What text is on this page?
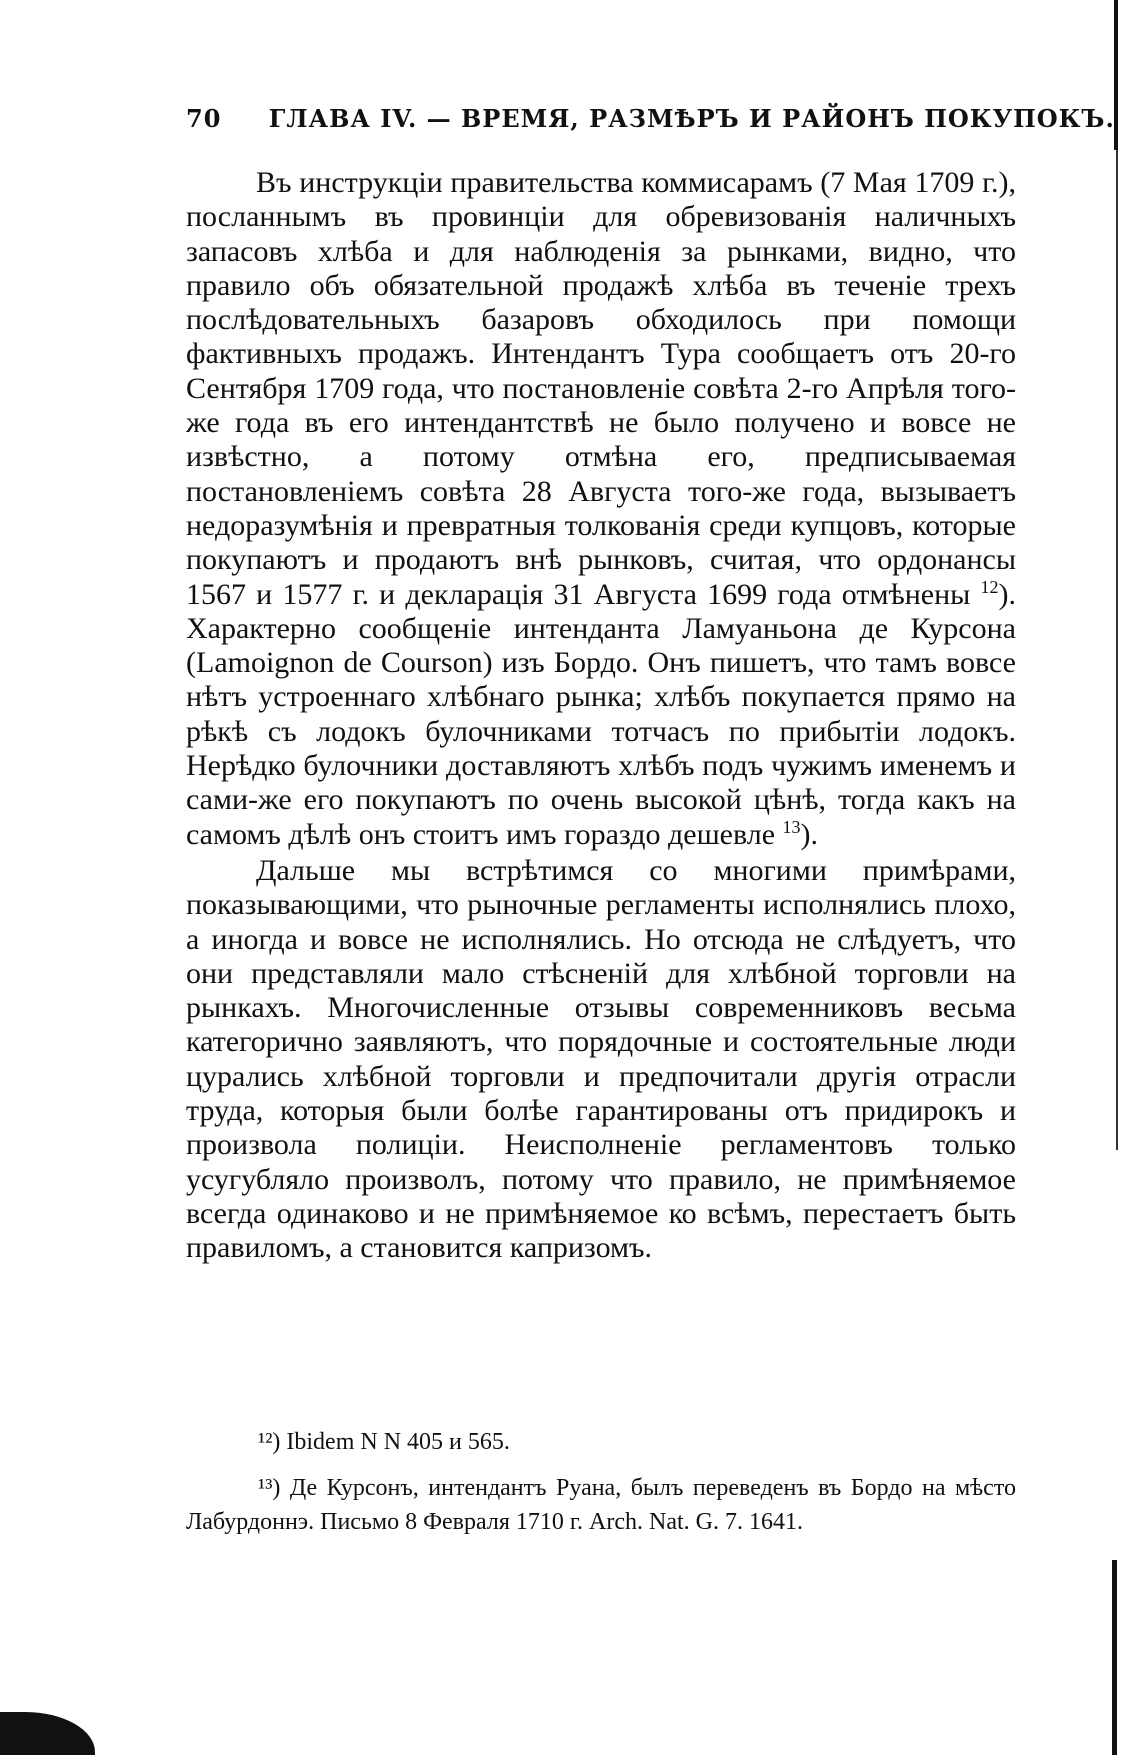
70 ГЛАВА IV. — ВРЕМЯ, РАЗМѢРЪ И РАЙОНЪ ПОКУПОКЪ.

Въ инструкціи правительства коммисарамъ (7 Мая 1709 г.), посланнымъ въ провинціи для обревизованія наличныхъ запасовъ хлѣба и для наблюденія за рынками, видно, что правило объ обязательной продажѣ хлѣба въ теченіе трехъ послѣдовательныхъ базаровъ обходилось при помощи фактивныхъ продажъ. Интендантъ Тура сообщаетъ отъ 20-го Сентября 1709 года, что постановленіе совѣта 2-го Апрѣля того-же года въ его интендантствѣ не было получено и вовсе не извѣстно, а потому отмѣна его, предписываемая постановленіемъ совѣта 28 Августа того-же года, вызываетъ недоразумѣнія и превратныя толкованія среди купцовъ, которые покупаютъ и продаютъ внѣ рынковъ, считая, что ордонансы 1567 и 1577 г. и декларація 31 Августа 1699 года отмѣнены $^{12}$). Характерно сообщеніе интенданта Ламуаньона де Курсона (Lamoignon de Courson) изъ Бордо. Онъ пишетъ, что тамъ вовсе нѣтъ устроеннаго хлѣбнаго рынка; хлѣбъ покупается прямо на рѣкѣ съ лодокъ булочниками тотчасъ по прибытіи лодокъ. Нерѣдко булочники доставляютъ хлѣбъ подъ чужимъ именемъ и сами-же его покупаютъ по очень высокой цѣнѣ, тогда какъ на самомъ дѣлѣ онъ стоитъ имъ гораздо дешевле $^{13}$).

Дальше мы встрѣтимся со многими примѣрами, показывающими, что рыночные регламенты исполнялись плохо, а иногда и вовсе не исполнялись. Но отсюда не слѣдуетъ, что они представляли мало стѣсненій для хлѣбной торговли на рынкахъ. Многочисленные отзывы современниковъ весьма категорично заявляютъ, что порядочные и состоятельные люди цурались хлѣбной торговли и предпочитали другія отрасли труда, которыя были болѣе гарантированы отъ придирокъ и произвола полиціи. Неисполненіе регламентовъ только усугубляло произволъ, потому что правило, не примѣняемое всегда одинаково и не примѣняемое ко всѣмъ, перестаетъ быть правиломъ, а становится капризомъ.

¹²) Ibidem N N 405 и 565.

¹³) Де Курсонъ, интендантъ Руана, былъ переведенъ въ Бордо на мѣсто Лабурдоннэ. Письмо 8 Февраля 1710 г. Arch. Nat. G. 7. 1641.
